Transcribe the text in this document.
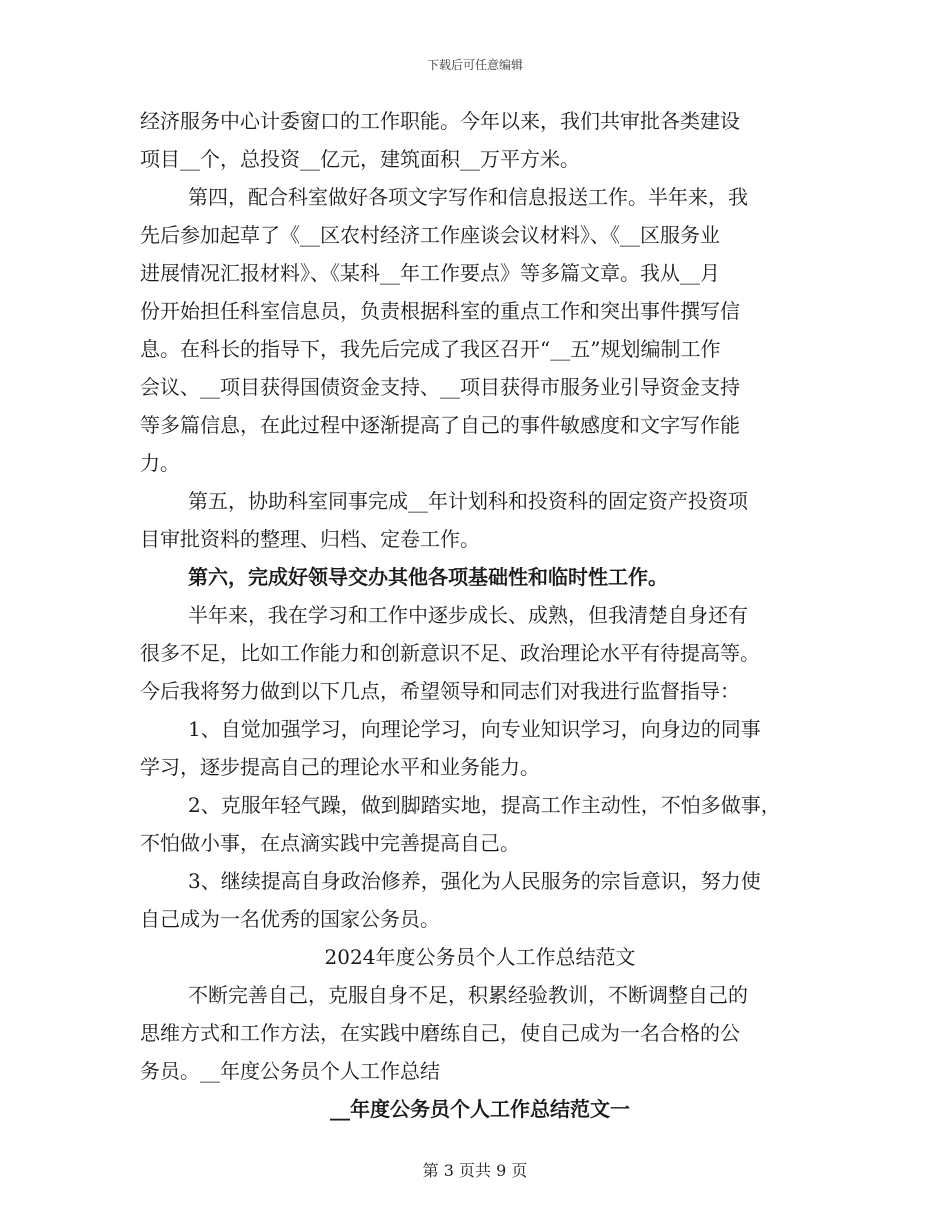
下载后可任意编辑
经济服务中心计委窗口的工作职能。今年以来，我们共审批各类建设
项目__个，总投资__亿元，建筑面积__万平方米。
第四，配合科室做好各项文字写作和信息报送工作。半年来，我
先后参加起草了《__区农村经济工作座谈会议材料》、《__区服务业
进展情况汇报材料》、《某科__年工作要点》等多篇文章。我从__月
份开始担任科室信息员，负责根据科室的重点工作和突出事件撰写信
息。在科长的指导下，我先后完成了我区召开“__五”规划编制工作
会议、__项目获得国债资金支持、__项目获得市服务业引导资金支持
等多篇信息，在此过程中逐渐提高了自己的事件敏感度和文字写作能
力。
第五，协助科室同事完成__年计划科和投资科的固定资产投资项
目审批资料的整理、归档、定卷工作。
第六，完成好领导交办其他各项基础性和临时性工作。
半年来，我在学习和工作中逐步成长、成熟，但我清楚自身还有
很多不足，比如工作能力和创新意识不足、政治理论水平有待提高等。
今后我将努力做到以下几点，希望领导和同志们对我进行监督指导：
1、自觉加强学习，向理论学习，向专业知识学习，向身边的同事
学习，逐步提高自己的理论水平和业务能力。
2、克服年轻气躁，做到脚踏实地，提高工作主动性，不怕多做事，
不怕做小事，在点滴实践中完善提高自己。
3、继续提高自身政治修养，强化为人民服务的宗旨意识，努力使
自己成为一名优秀的国家公务员。
2024年度公务员个人工作总结范文
不断完善自己，克服自身不足，积累经验教训，不断调整自己的
思维方式和工作方法，在实践中磨练自己，使自己成为一名合格的公
务员。__年度公务员个人工作总结
__年度公务员个人工作总结范文一
第 3 页共 9 页
